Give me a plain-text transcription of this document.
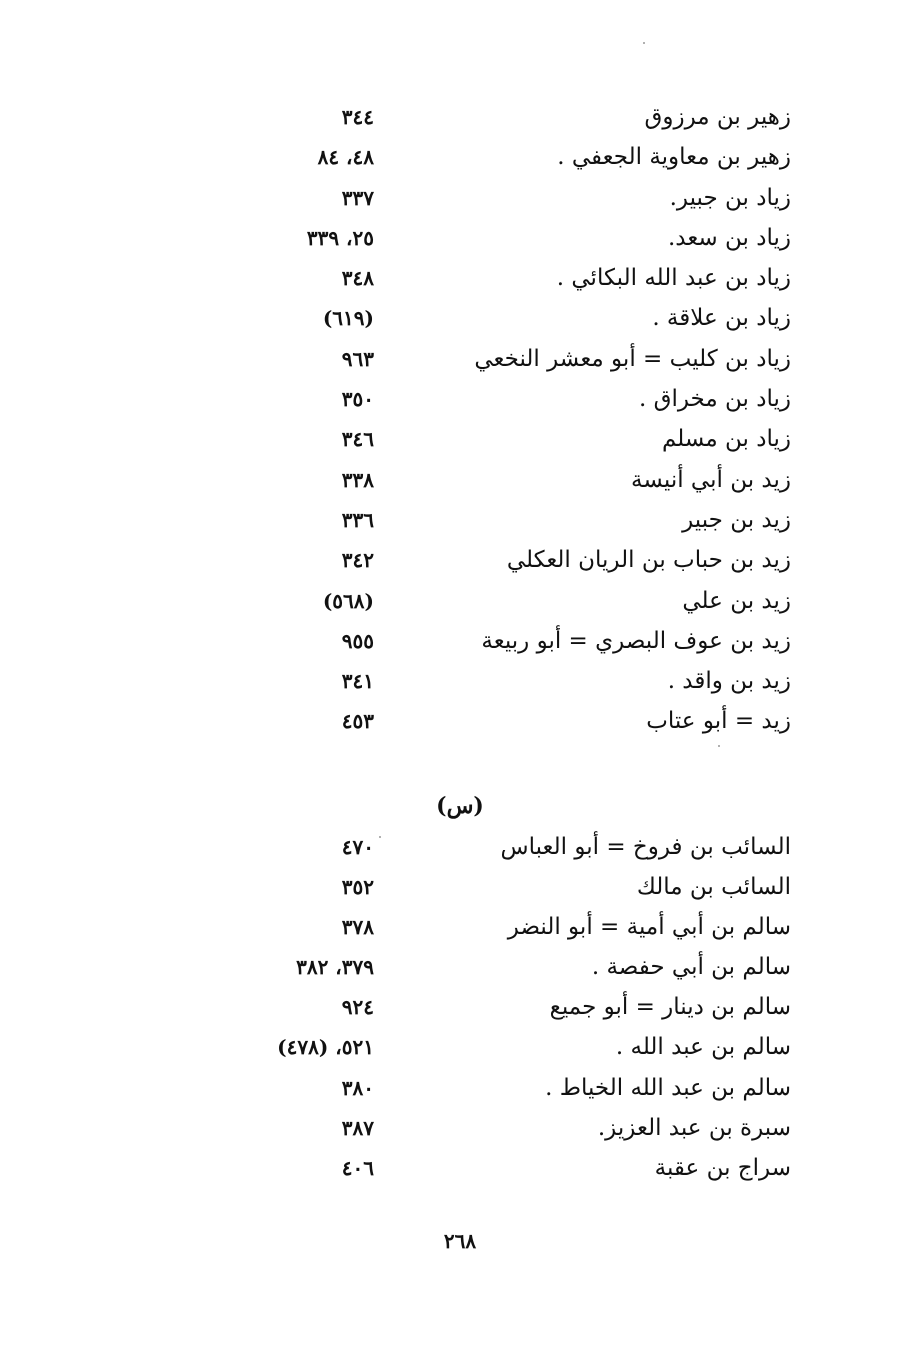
زهير بن مرزوق
٣٤٤
زهير بن معاوية الجعفي .
٤٨، ٨٤
زياد بن جبير.
٣٣٧
زياد بن سعد.
٢٥، ٣٣٩
زياد بن عبد الله البكائي .
٣٤٨
زياد بن علاقة .
(٦١٩)
زياد بن كليب = أبو معشر النخعي
٩٦٣
زياد بن مخراق .
٣٥٠
زياد بن مسلم
٣٤٦
زيد بن أبي أنيسة
٣٣٨
زيد بن جبير
٣٣٦
زيد بن حباب بن الريان العكلي
٣٤٢
زيد بن علي
(٥٦٨)
زيد بن عوف البصري = أبو ربيعة
٩٥٥
زيد بن واقد .
٣٤١
زيد = أبو عتاب
٤٥٣
(س)
السائب بن فروخ = أبو العباس
٤٧٠
السائب بن مالك
٣٥٢
سالم بن أبي أمية = أبو النضر
٣٧٨
سالم بن أبي حفصة .
٣٧٩، ٣٨٢
سالم بن دينار = أبو جميع
٩٢٤
سالم بن عبد الله .
٥٢١، (٤٧٨)
سالم بن عبد الله الخياط .
٣٨٠
سبرة بن عبد العزيز.
٣٨٧
سراج بن عقبة
٤٠٦
٢٦٨
